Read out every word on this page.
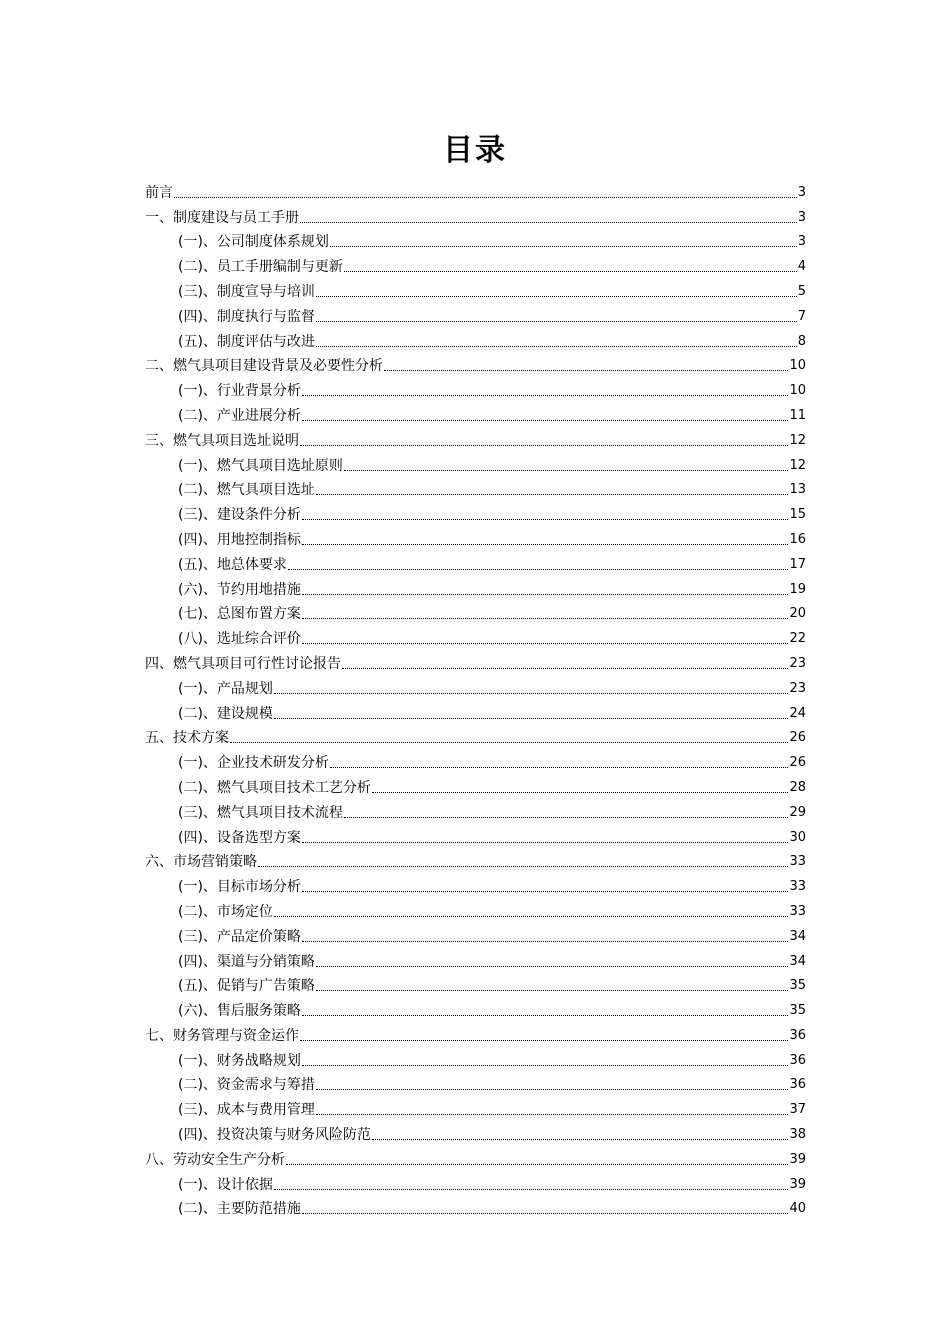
目录
前言	3
一、制度建设与员工手册	3
(一)、公司制度体系规划	3
(二)、员工手册编制与更新	4
(三)、制度宣导与培训	5
(四)、制度执行与监督	7
(五)、制度评估与改进	8
二、燃气具项目建设背景及必要性分析	10
(一)、行业背景分析	10
(二)、产业进展分析	11
三、燃气具项目选址说明	12
(一)、燃气具项目选址原则	12
(二)、燃气具项目选址	13
(三)、建设条件分析	15
(四)、用地控制指标	16
(五)、地总体要求	17
(六)、节约用地措施	19
(七)、总图布置方案	20
(八)、选址综合评价	22
四、燃气具项目可行性讨论报告	23
(一)、产品规划	23
(二)、建设规模	24
五、技术方案	26
(一)、企业技术研发分析	26
(二)、燃气具项目技术工艺分析	28
(三)、燃气具项目技术流程	29
(四)、设备选型方案	30
六、市场营销策略	33
(一)、目标市场分析	33
(二)、市场定位	33
(三)、产品定价策略	34
(四)、渠道与分销策略	34
(五)、促销与广告策略	35
(六)、售后服务策略	35
七、财务管理与资金运作	36
(一)、财务战略规划	36
(二)、资金需求与筹措	36
(三)、成本与费用管理	37
(四)、投资决策与财务风险防范	38
八、劳动安全生产分析	39
(一)、设计依据	39
(二)、主要防范措施	40
